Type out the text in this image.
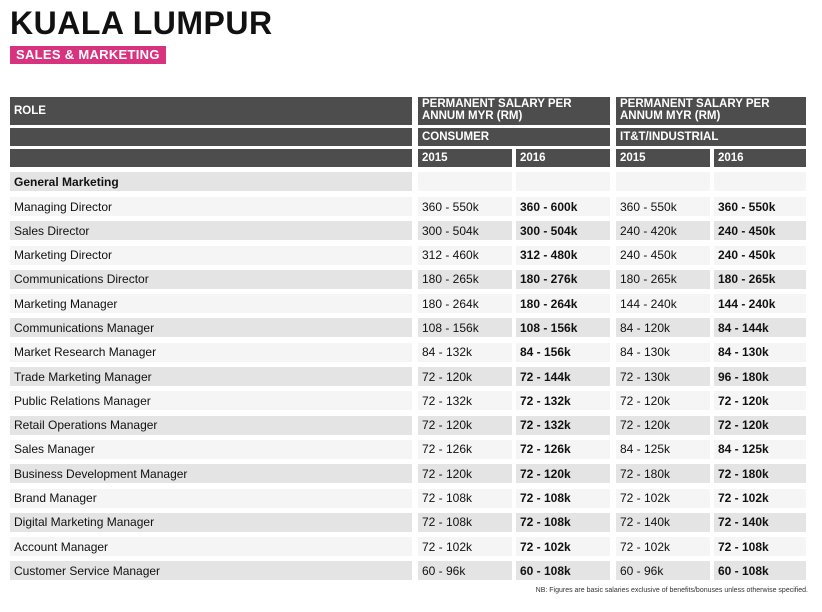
KUALA LUMPUR
SALES & MARKETING
ROLE
PERMANENT SALARY PER ANNUM MYR (RM)
PERMANENT SALARY PER ANNUM MYR (RM)
CONSUMER	IT&T/INDUSTRIAL
2015	2016	2015	2016
General Marketing
Managing Director	360 - 550k	360 - 600k	360 - 550k	360 - 550k
Sales Director	300 - 504k	300 - 504k	240 - 420k	240 - 450k
Marketing Director	312 - 460k	312 - 480k	240 - 450k	240 - 450k
Communications Director	180 - 265k	180 - 276k	180 - 265k	180 - 265k
Marketing Manager	180 - 264k	180 - 264k	144 - 240k	144 - 240k
Communications Manager	108 - 156k	108 - 156k	84 - 120k	84 - 144k
Market Research Manager	84 - 132k	84 - 156k	84 - 130k	84 - 130k
Trade Marketing Manager	72 - 120k	72 - 144k	72 - 130k	96 - 180k
Public Relations Manager	72 - 132k	72 - 132k	72 - 120k	72 - 120k
Retail Operations Manager	72 - 120k	72 - 132k	72 - 120k	72 - 120k
Sales Manager	72 - 126k	72 - 126k	84 - 125k	84 - 125k
Business Development Manager	72 - 120k	72 - 120k	72 - 180k	72 - 180k
Brand Manager	72 - 108k	72 - 108k	72 - 102k	72 - 102k
Digital Marketing Manager	72 - 108k	72 - 108k	72 - 140k	72 - 140k
Account Manager	72 - 102k	72 - 102k	72 - 102k	72 - 108k
Customer Service Manager	60 - 96k	60 - 108k	60 - 96k	60 - 108k
NB: Figures are basic salaries exclusive of benefits/bonuses unless otherwise specified.
